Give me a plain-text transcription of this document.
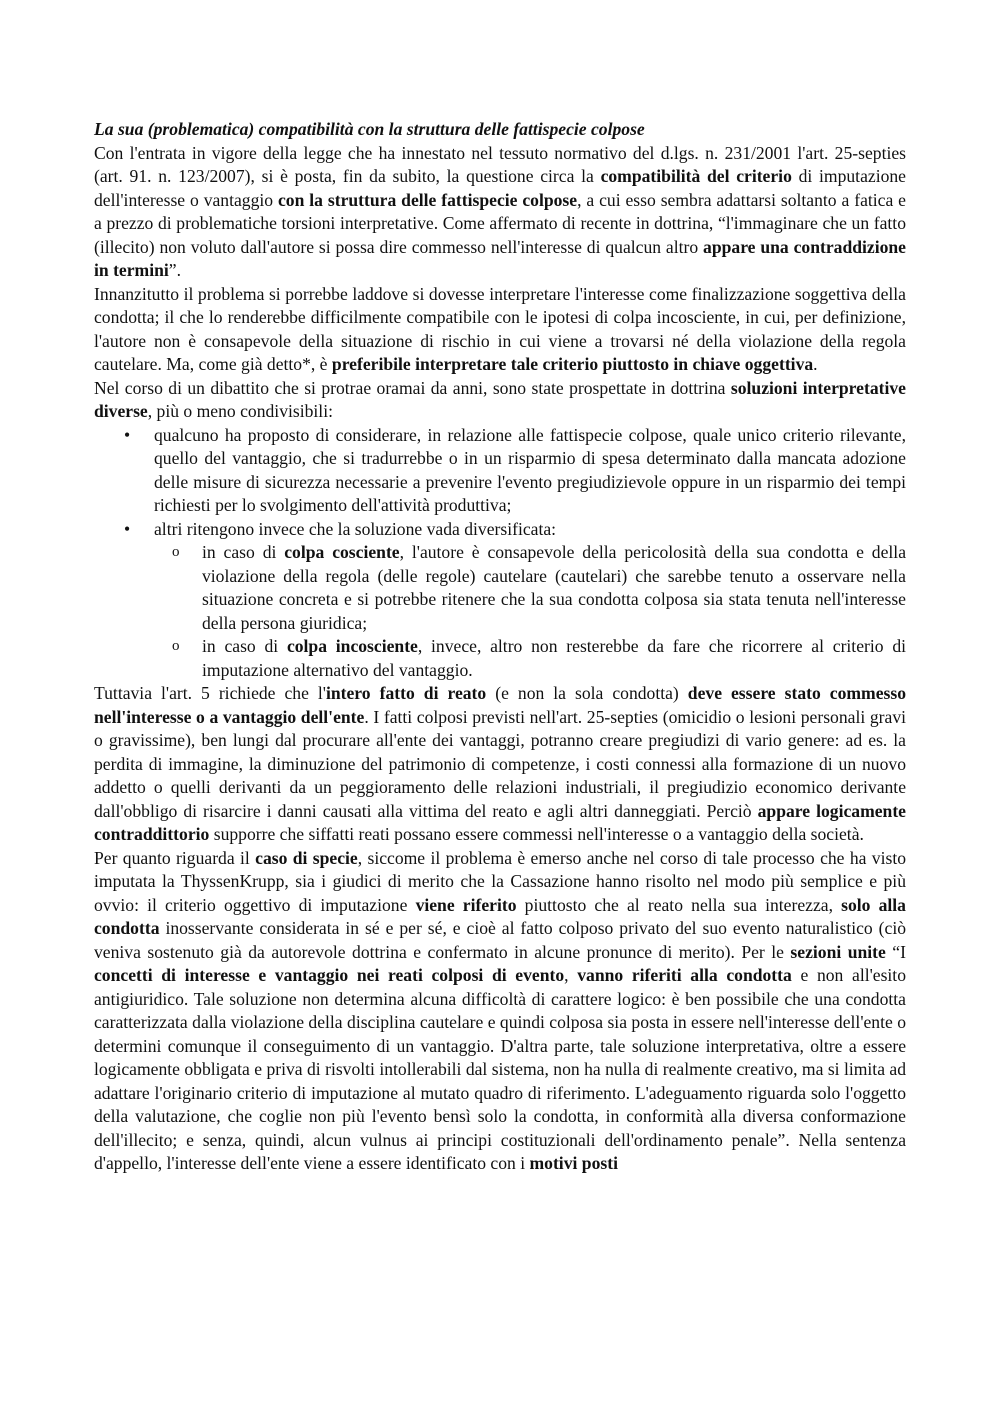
La sua (problematica) compatibilità con la struttura delle fattispecie colpose

Con l'entrata in vigore della legge che ha innestato nel tessuto normativo del d.lgs. n. 231/2001 l'art. 25-septies (art. 91. n. 123/2007), si è posta, fin da subito, la questione circa la compatibilità del criterio di imputazione dell'interesse o vantaggio con la struttura delle fattispecie colpose, a cui esso sembra adattarsi soltanto a fatica e a prezzo di problematiche torsioni interpretative. Come affermato di recente in dottrina, “l'immaginare che un fatto (illecito) non voluto dall'autore si possa dire commesso nell'interesse di qualcun altro appare una contraddizione in termini”.

Innanzitutto il problema si porrebbe laddove si dovesse interpretare l'interesse come finalizzazione soggettiva della condotta; il che lo renderebbe difficilmente compatibile con le ipotesi di colpa incosciente, in cui, per definizione, l'autore non è consapevole della situazione di rischio in cui viene a trovarsi né della violazione della regola cautelare. Ma, come già detto*, è preferibile interpretare tale criterio piuttosto in chiave oggettiva.

Nel corso di un dibattito che si protrae oramai da anni, sono state prospettate in dottrina soluzioni interpretative diverse, più o meno condivisibili:

• qualcuno ha proposto di considerare, in relazione alle fattispecie colpose, quale unico criterio rilevante, quello del vantaggio, che si tradurrebbe o in un risparmio di spesa determinato dalla mancata adozione delle misure di sicurezza necessarie a prevenire l'evento pregiudizievole oppure in un risparmio dei tempi richiesti per lo svolgimento dell'attività produttiva;
• altri ritengono invece che la soluzione vada diversificata:
o in caso di colpa cosciente, l'autore è consapevole della pericolosità della sua condotta e della violazione della regola (delle regole) cautelare (cautelari) che sarebbe tenuto a osservare nella situazione concreta e si potrebbe ritenere che la sua condotta colposa sia stata tenuta nell'interesse della persona giuridica;
o in caso di colpa incosciente, invece, altro non resterebbe da fare che ricorrere al criterio di imputazione alternativo del vantaggio.

Tuttavia l'art. 5 richiede che l'intero fatto di reato (e non la sola condotta) deve essere stato commesso nell'interesse o a vantaggio dell'ente. I fatti colposi previsti nell'art. 25-septies (omicidio o lesioni personali gravi o gravissime), ben lungi dal procurare all'ente dei vantaggi, potranno creare pregiudizi di vario genere: ad es. la perdita di immagine, la diminuzione del patrimonio di competenze, i costi connessi alla formazione di un nuovo addetto o quelli derivanti da un peggioramento delle relazioni industriali, il pregiudizio economico derivante dall'obbligo di risarcire i danni causati alla vittima del reato e agli altri danneggiati. Perciò appare logicamente contraddittorio supporre che siffatti reati possano essere commessi nell'interesse o a vantaggio della società.

Per quanto riguarda il caso di specie, siccome il problema è emerso anche nel corso di tale processo che ha visto imputata la ThyssenKrupp, sia i giudici di merito che la Cassazione hanno risolto nel modo più semplice e più ovvio: il criterio oggettivo di imputazione viene riferito piuttosto che al reato nella sua interezza, solo alla condotta inosservante considerata in sé e per sé, e cioè al fatto colposo privato del suo evento naturalistico (ciò veniva sostenuto già da autorevole dottrina e confermato in alcune pronunce di merito). Per le sezioni unite “I concetti di interesse e vantaggio nei reati colposi di evento, vanno riferiti alla condotta e non all'esito antigiuridico. Tale soluzione non determina alcuna difficoltà di carattere logico: è ben possibile che una condotta caratterizzata dalla violazione della disciplina cautelare e quindi colposa sia posta in essere nell'interesse dell'ente o determini comunque il conseguimento di un vantaggio. D'altra parte, tale soluzione interpretativa, oltre a essere logicamente obbligata e priva di risvolti intollerabili dal sistema, non ha nulla di realmente creativo, ma si limita ad adattare l'originario criterio di imputazione al mutato quadro di riferimento. L'adeguamento riguarda solo l'oggetto della valutazione, che coglie non più l'evento bensì solo la condotta, in conformità alla diversa conformazione dell'illecito; e senza, quindi, alcun vulnus ai principi costituzionali dell'ordinamento penale”. Nella sentenza d'appello, l'interesse dell'ente viene a essere identificato con i motivi posti
